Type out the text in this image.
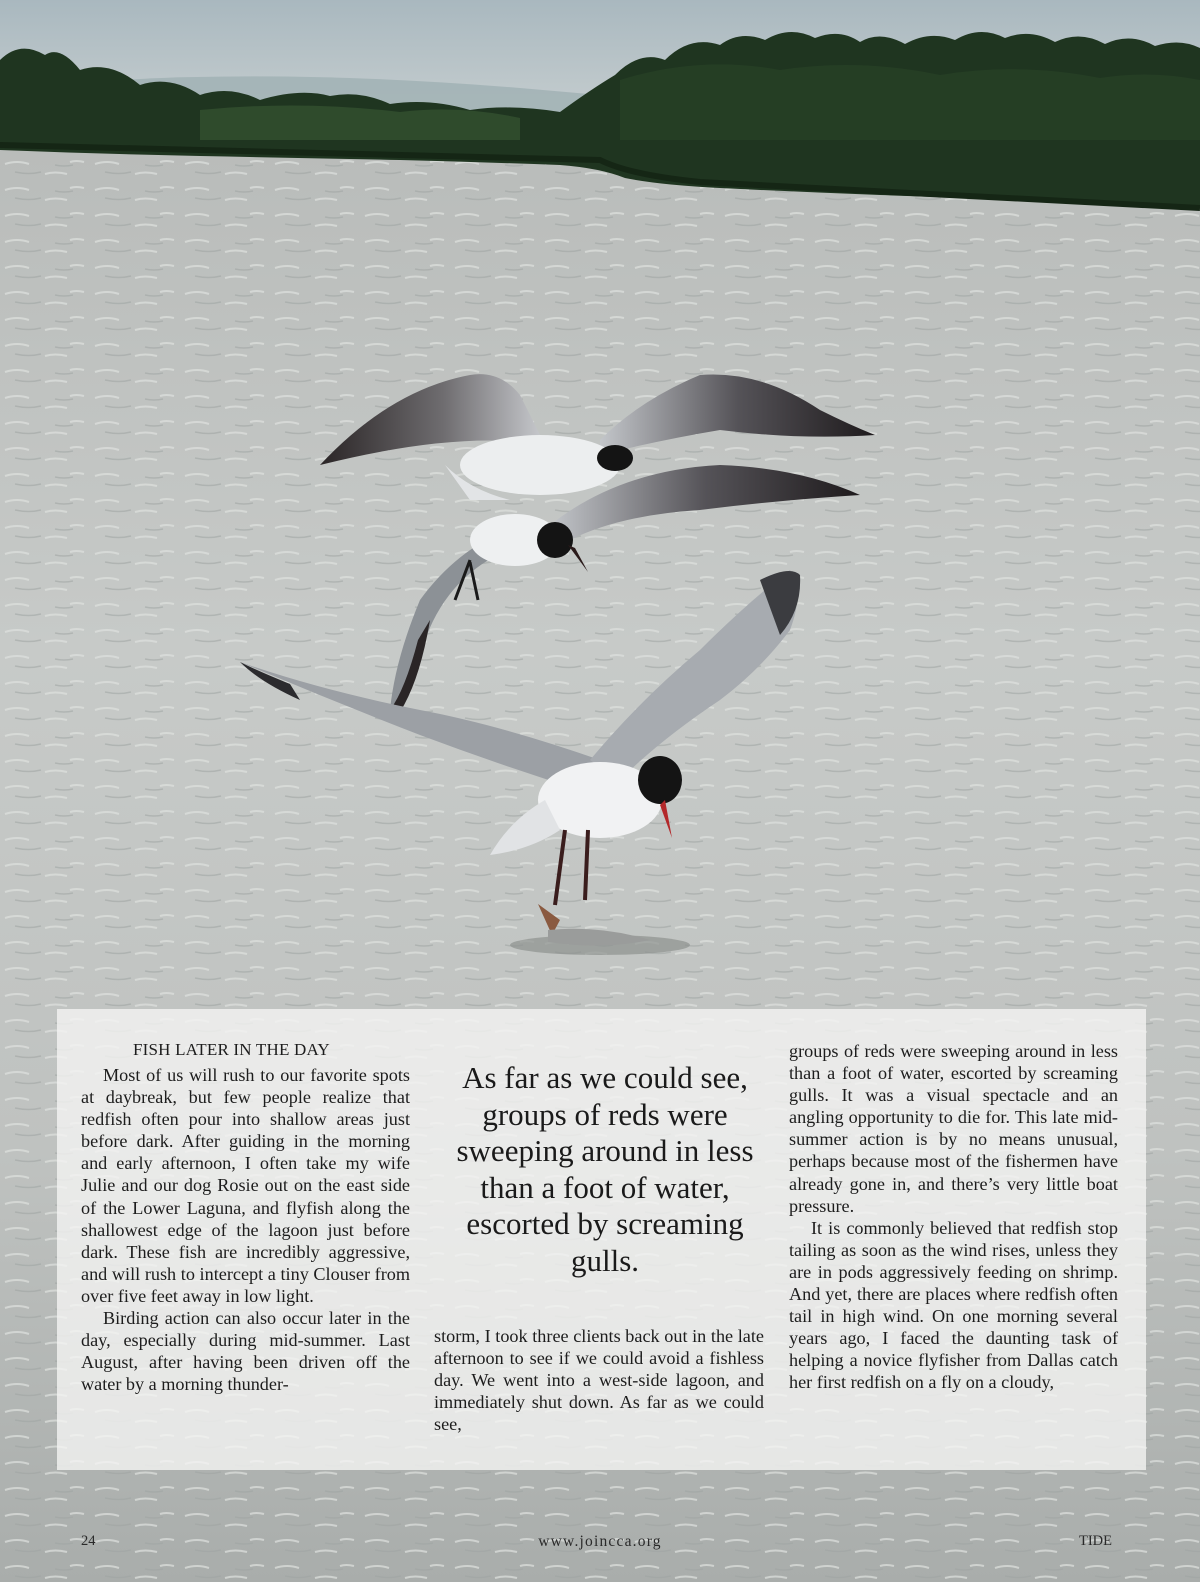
FISH LATER IN THE DAY

Most of us will rush to our favorite spots at daybreak, but few people realize that redfish often pour into shallow areas just before dark. After guiding in the morning and early afternoon, I often take my wife Julie and our dog Rosie out on the east side of the Lower Laguna, and flyfish along the shallowest edge of the lagoon just before dark. These fish are incredibly aggressive, and will rush to intercept a tiny Clouser from over five feet away in low light.

Birding action can also occur later in the day, especially during mid-summer. Last August, after having been driven off the water by a morning thunder-

As far as we could see, groups of reds were sweeping around in less than a foot of water, escorted by screaming gulls.

storm, I took three clients back out in the late afternoon to see if we could avoid a fishless day. We went into a west-side lagoon, and immediately shut down. As far as we could see,

groups of reds were sweeping around in less than a foot of water, escorted by screaming gulls. It was a visual spectacle and an angling opportunity to die for. This late mid-summer action is by no means unusual, perhaps because most of the fishermen have already gone in, and there’s very little boat pressure.

It is commonly believed that redfish stop tailing as soon as the wind rises, unless they are in pods aggressively feeding on shrimp. And yet, there are places where redfish often tail in high wind. On one morning several years ago, I faced the daunting task of helping a novice flyfisher from Dallas catch her first redfish on a fly on a cloudy,

24	www.joincca.org	TIDE
